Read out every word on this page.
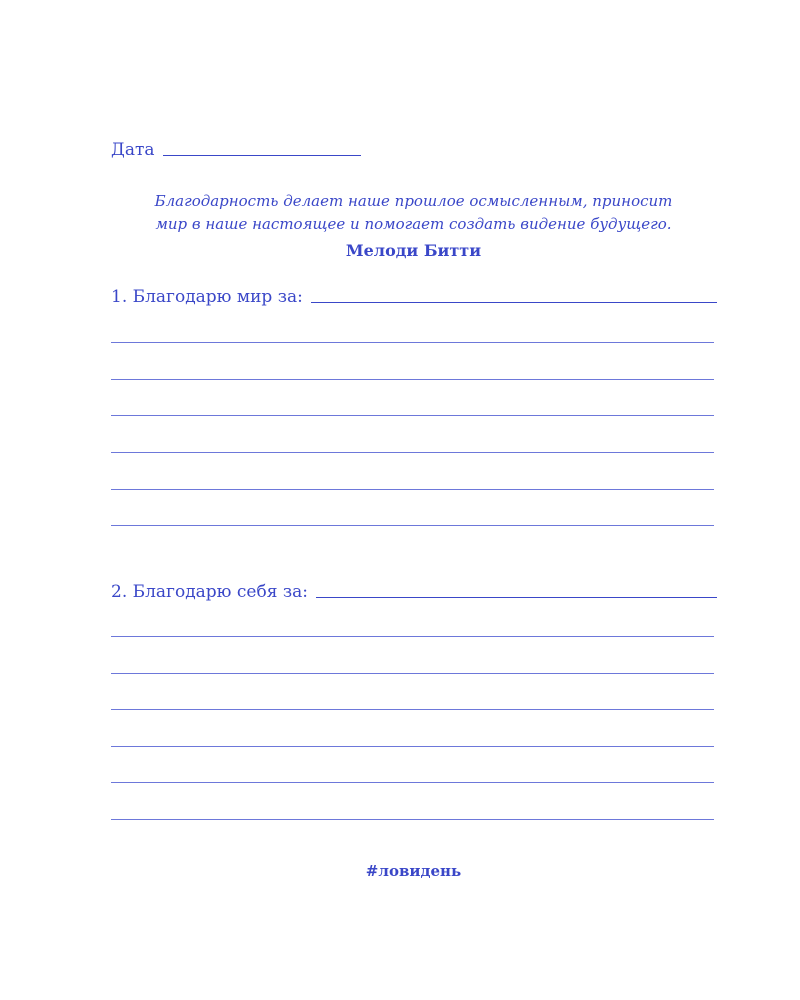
Дата
Благодарность делает наше прошлое осмысленным, приносит
мир в наше настоящее и помогает создать видение будущего.
Мелоди Битти
1. Благодарю мир за:
2. Благодарю себя за:
#ловидень
